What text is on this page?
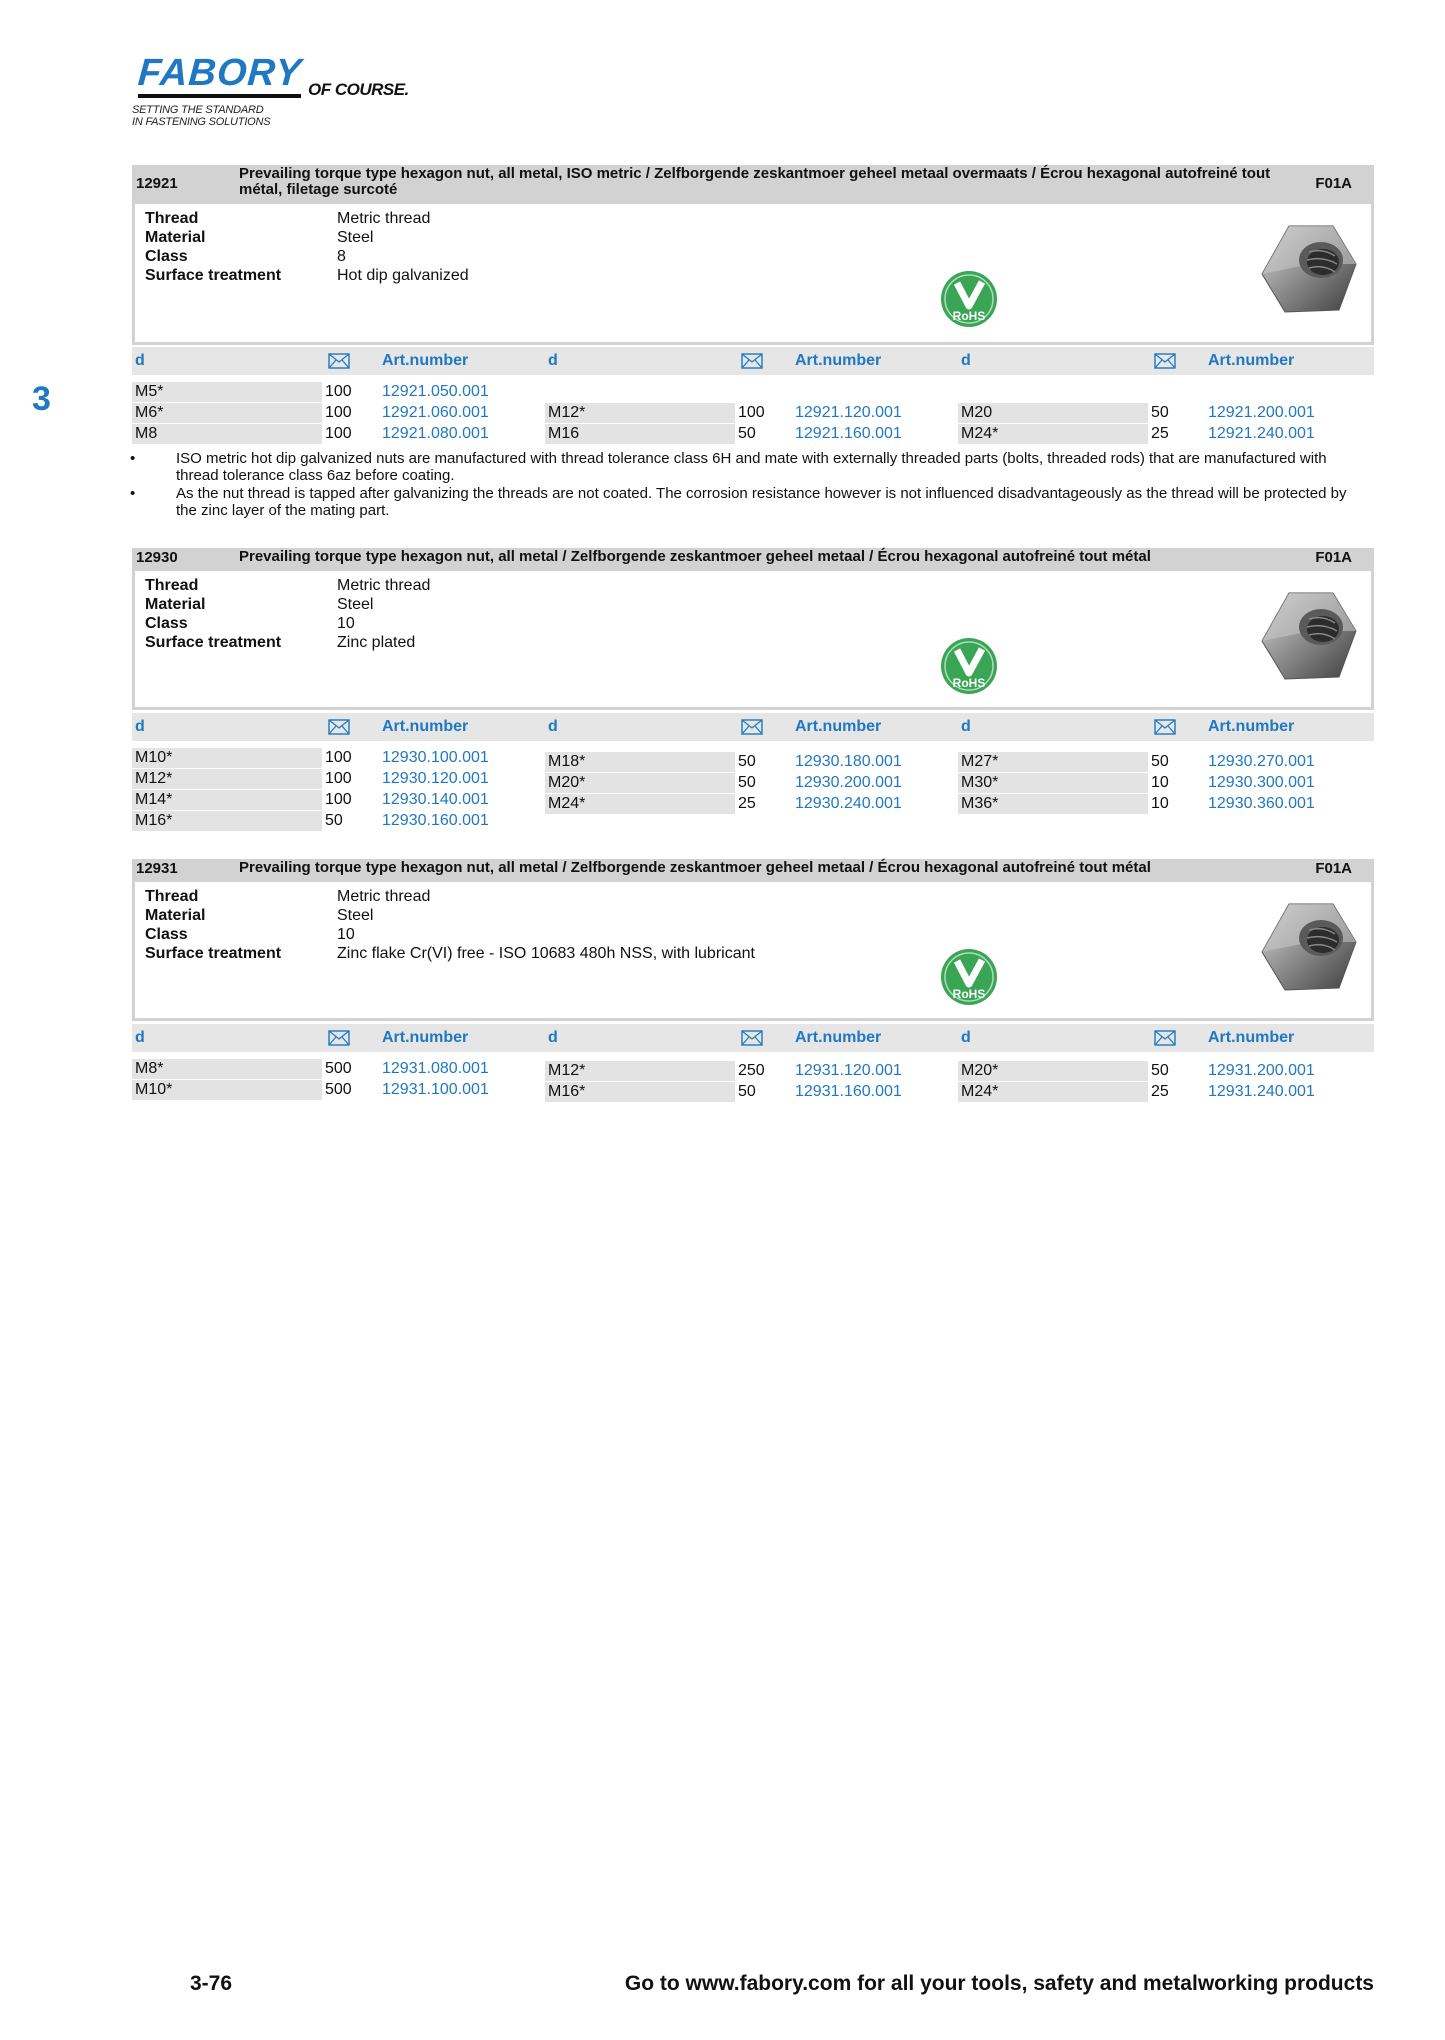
FABORY OF COURSE.
SETTING THE STANDARD
IN FASTENING SOLUTIONS
3
12921
Prevailing torque type hexagon nut, all metal, ISO metric / Zelfborgende zeskantmoer geheel metaal overmaats / Écrou hexagonal autofreiné tout métal, filetage surcoté	F01A
Thread	Metric thread
Material	Steel
Class	8
Surface treatment	Hot dip galvanized
RoHS
d	Art.number	d	Art.number	d	Art.number
M5*	100 12921.050.001
M6*	100 12921.060.001
M8	100 12921.080.001
M12*	100 12921.120.001
M16	50 12921.160.001
M20	50 12921.200.001
M24*	25 12921.240.001
•	ISO metric hot dip galvanized nuts are manufactured with thread tolerance class 6H and mate with externally threaded parts (bolts, threaded rods) that are manufactured with thread tolerance class 6az before coating.
•	As the nut thread is tapped after galvanizing the threads are not coated. The corrosion resistance however is not influenced disadvantageously as the thread will be protected by the zinc layer of the mating part.
12930	Prevailing torque type hexagon nut, all metal / Zelfborgende zeskantmoer geheel metaal / Écrou hexagonal autofreiné tout métal	F01A
Thread	Metric thread
Material	Steel
Class	10
Surface treatment	Zinc plated
RoHS
d	Art.number	d	Art.number	d	Art.number
M10*	100 12930.100.001
M12*	100 12930.120.001
M14*	100 12930.140.001
M16*	50 12930.160.001
M18*	50 12930.180.001
M20*	50 12930.200.001
M24*	25 12930.240.001
M27*	50 12930.270.001
M30*	10 12930.300.001
M36*	10 12930.360.001
12931	Prevailing torque type hexagon nut, all metal / Zelfborgende zeskantmoer geheel metaal / Écrou hexagonal autofreiné tout métal	F01A
Thread	Metric thread
Material	Steel
Class	10
Surface treatment	Zinc flake Cr(VI) free - ISO 10683 480h NSS, with lubricant
RoHS
d	Art.number	d	Art.number	d	Art.number
M8*	500 12931.080.001
M10*	500 12931.100.001
M12*	250 12931.120.001
M16*	50 12931.160.001
M20*	50 12931.200.001
M24*	25 12931.240.001
3-76	Go to www.fabory.com for all your tools, safety and metalworking products
